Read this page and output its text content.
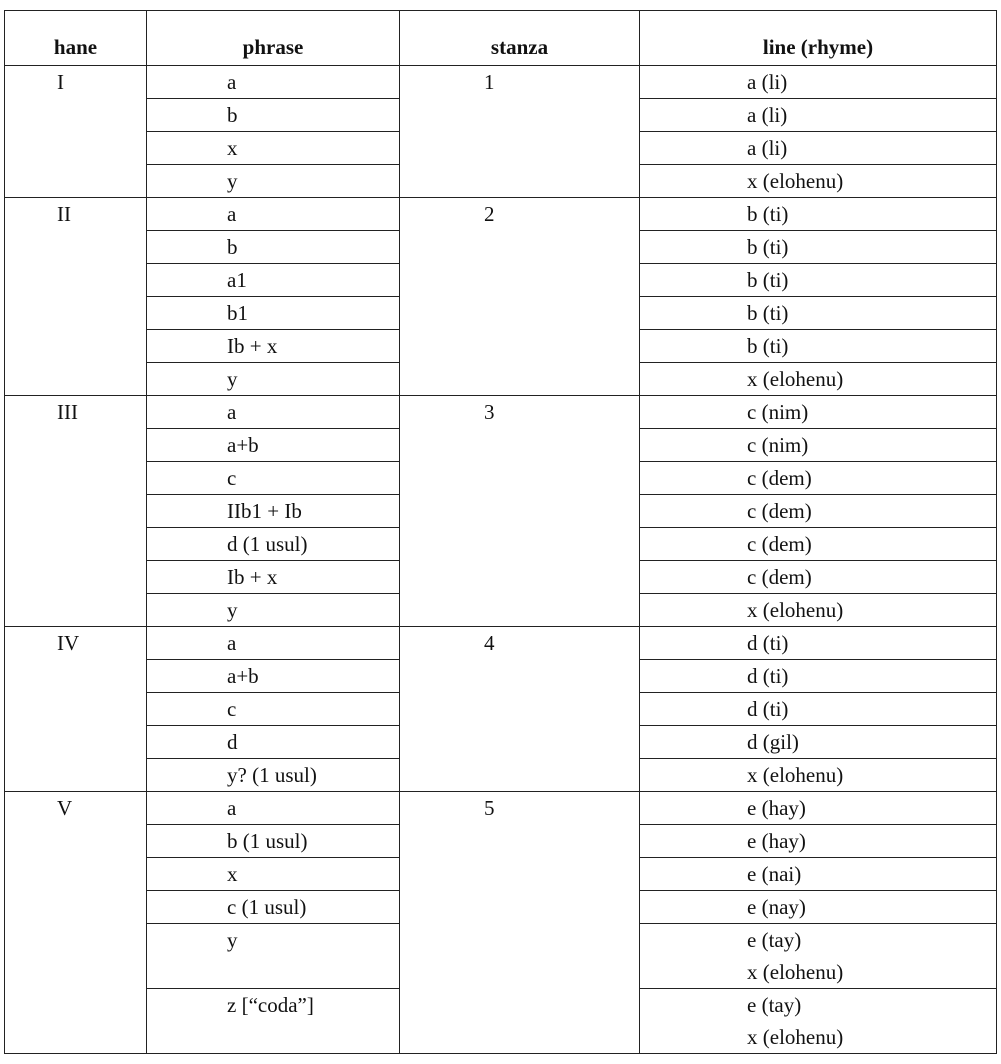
hane	phrase	stanza	line (rhyme)
I	a	1	a (li)
	b		a (li)
	x		a (li)
	y		x (elohenu)
II	a	2	b (ti)
	b		b (ti)
	a1		b (ti)
	b1		b (ti)
	Ib + x		b (ti)
	y		x (elohenu)
III	a	3	c (nim)
	a+b		c (nim)
	c		c (dem)
	IIb1 + Ib		c (dem)
	d (1 usul)		c (dem)
	Ib + x		c (dem)
	y		x (elohenu)
IV	a	4	d (ti)
	a+b		d (ti)
	c		d (ti)
	d		d (gil)
	y? (1 usul)		x (elohenu)
V	a	5	e (hay)
	b (1 usul)		e (hay)
	x		e (nai)
	c (1 usul)		e (nay)
	y		e (tay)
x (elohenu)

	z [“coda”]		e (tay)
x (elohenu)
